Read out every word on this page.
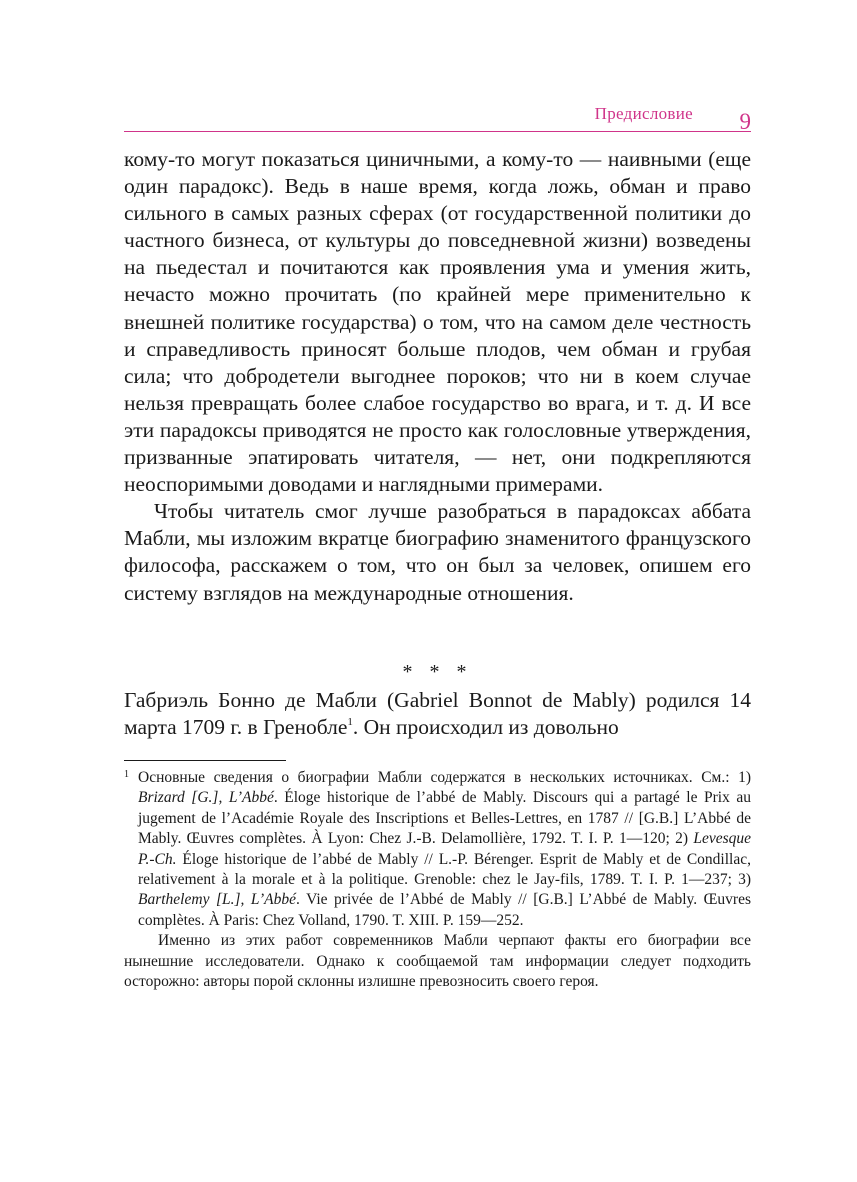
Предисловие 9

кому-то могут показаться циничными, а кому-то — наивными (еще один парадокс). Ведь в наше время, когда ложь, обман и право сильного в самых разных сферах (от государственной политики до частного бизнеса, от культуры до повседневной жизни) возведены на пьедестал и почитаются как проявления ума и умения жить, нечасто можно прочитать (по крайней мере применительно к внешней политике государства) о том, что на самом деле честность и справедливость приносят больше плодов, чем обман и грубая сила; что добродетели выгоднее пороков; что ни в коем случае нельзя превращать более слабое государство во врага, и т. д. И все эти парадоксы приводятся не просто как голословные утверждения, призванные эпатировать читателя, — нет, они подкрепляются неоспоримыми доводами и наглядными примерами.

Чтобы читатель смог лучше разобраться в парадоксах аббата Мабли, мы изложим вкратце биографию знаменитого французского философа, расскажем о том, что он был за человек, опишем его систему взглядов на международные отношения.

* * *

Габриэль Бонно де Мабли (Gabriel Bonnot de Mably) родился 14 марта 1709 г. в Гренобле$^1$. Он происходил из довольно

1 Основные сведения о биографии Мабли содержатся в нескольких источниках. См.: 1) Brizard [G.], L’Abbé. Éloge historique de l’abbé de Mably. Discours qui a partagé le Prix au jugement de l’Académie Royale des Inscriptions et Belles-Lettres, en 1787 // [G.B.] L’Abbé de Mably. Œuvres complètes. À Lyon: Chez J.-B. Delamollière, 1792. T. I. P. 1—120; 2) Levesque P.-Ch. Éloge historique de l’abbé de Mably // L.-P. Bérenger. Esprit de Mably et de Condillac, relativement à la morale et à la politique. Grenoble: chez le Jay-fils, 1789. T. I. P. 1—237; 3) Barthelemy [L.], L’Abbé. Vie privée de l’Abbé de Mably // [G.B.] L’Abbé de Mably. Œuvres complètes. À Paris: Chez Volland, 1790. T. XIII. P. 159—252.

Именно из этих работ современников Мабли черпают факты его биографии все нынешние исследователи. Однако к сообщаемой там информации следует подходить осторожно: авторы порой склонны излишне превозносить своего героя.
